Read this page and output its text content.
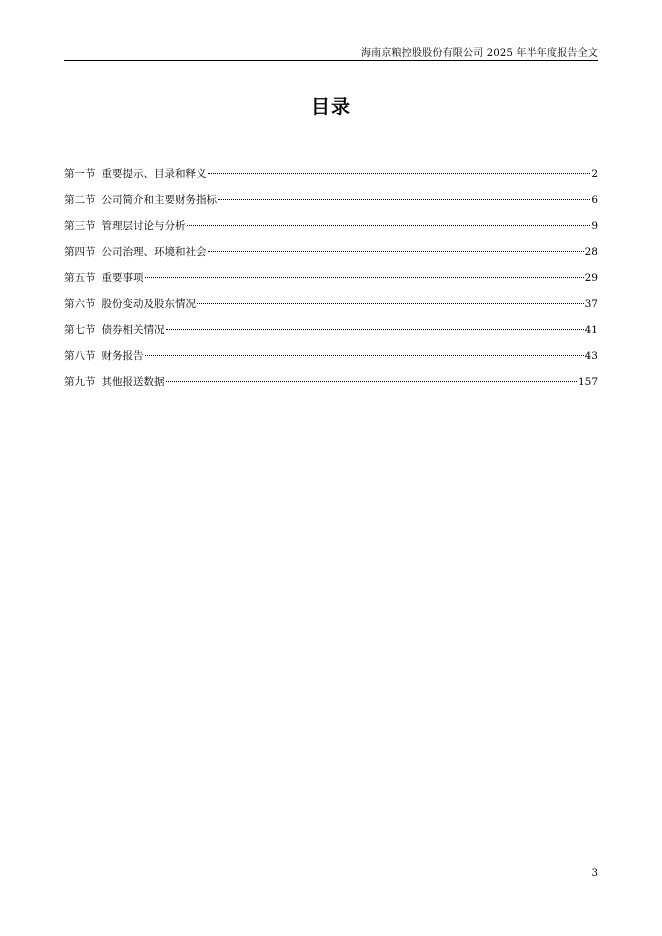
海南京粮控股股份有限公司 2025 年半年度报告全文
目录
第一节 重要提示、目录和释义	2
第二节 公司简介和主要财务指标	6
第三节 管理层讨论与分析	9
第四节 公司治理、环境和社会	28
第五节 重要事项	29
第六节 股份变动及股东情况	37
第七节 债券相关情况	41
第八节 财务报告	43
第九节 其他报送数据	157
3
